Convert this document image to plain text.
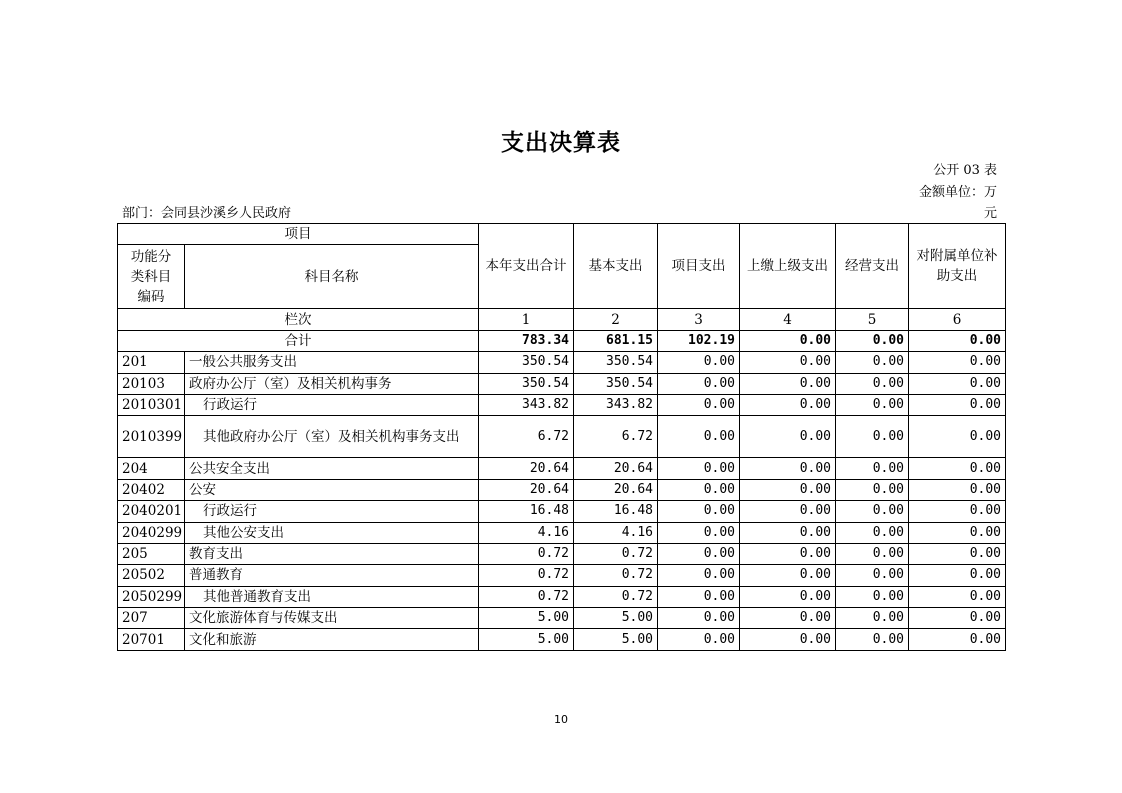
支出决算表
公开 03 表
金额单位：万
元
部门：会同县沙溪乡人民政府
项目		本年支出合计	基本支出	项目支出	上缴上级支出	经营支出	对附属单位补助支出
功能分类科目编码	科目名称						
栏次		1	2	3	4	5	6
合计		783.34	681.15	102.19	0.00	0.00	0.00
201	一般公共服务支出	350.54	350.54	0.00	0.00	0.00	0.00
20103	政府办公厅（室）及相关机构事务	350.54	350.54	0.00	0.00	0.00	0.00
2010301	行政运行	343.82	343.82	0.00	0.00	0.00	0.00
2010399	其他政府办公厅（室）及相关机构事务支出	6.72	6.72	0.00	0.00	0.00	0.00
204	公共安全支出	20.64	20.64	0.00	0.00	0.00	0.00
20402	公安	20.64	20.64	0.00	0.00	0.00	0.00
2040201	行政运行	16.48	16.48	0.00	0.00	0.00	0.00
2040299	其他公安支出	4.16	4.16	0.00	0.00	0.00	0.00
205	教育支出	0.72	0.72	0.00	0.00	0.00	0.00
20502	普通教育	0.72	0.72	0.00	0.00	0.00	0.00
2050299	其他普通教育支出	0.72	0.72	0.00	0.00	0.00	0.00
207	文化旅游体育与传媒支出	5.00	5.00	0.00	0.00	0.00	0.00
20701	文化和旅游	5.00	5.00	0.00	0.00	0.00	0.00
10
